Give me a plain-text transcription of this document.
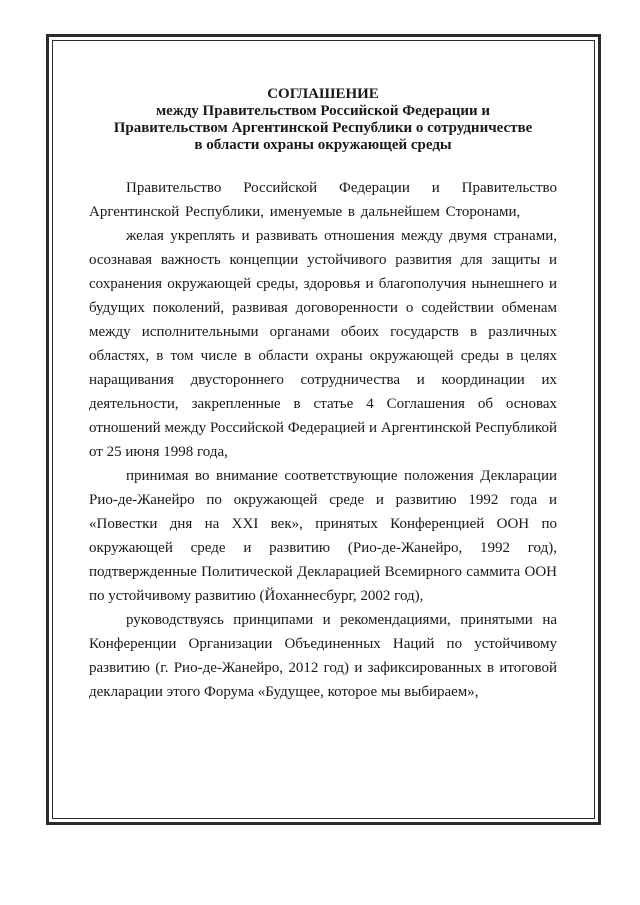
СОГЛАШЕНИЕ
между Правительством Российской Федерации и
Правительством Аргентинской Республики о сотрудничестве
в области охраны окружающей среды

Правительство Российской Федерации и Правительство Аргентинской Республики, именуемые в дальнейшем Сторонами,

желая укреплять и развивать отношения между двумя странами, осознавая важность концепции устойчивого развития для защиты и сохранения окружающей среды, здоровья и благополучия нынешнего и будущих поколений, развивая договоренности о содействии обменам между исполнительными органами обоих государств в различных областях, в том числе в области охраны окружающей среды в целях наращивания двустороннего сотрудничества и координации их деятельности, закрепленные в статье 4 Соглашения об основах отношений между Российской Федерацией и Аргентинской Республикой от 25 июня 1998 года,

принимая во внимание соответствующие положения Декларации Рио-де-Жанейро по окружающей среде и развитию 1992 года и «Повестки дня на XXI век», принятых Конференцией ООН по окружающей среде и развитию (Рио-де-Жанейро, 1992 год), подтвержденные Политической Декларацией Всемирного саммита ООН по устойчивому развитию (Йоханнесбург, 2002 год),

руководствуясь принципами и рекомендациями, принятыми на Конференции Организации Объединенных Наций по устойчивому развитию (г. Рио-де-Жанейро, 2012 год) и зафиксированных в итоговой декларации этого Форума «Будущее, которое мы выбираем»,
